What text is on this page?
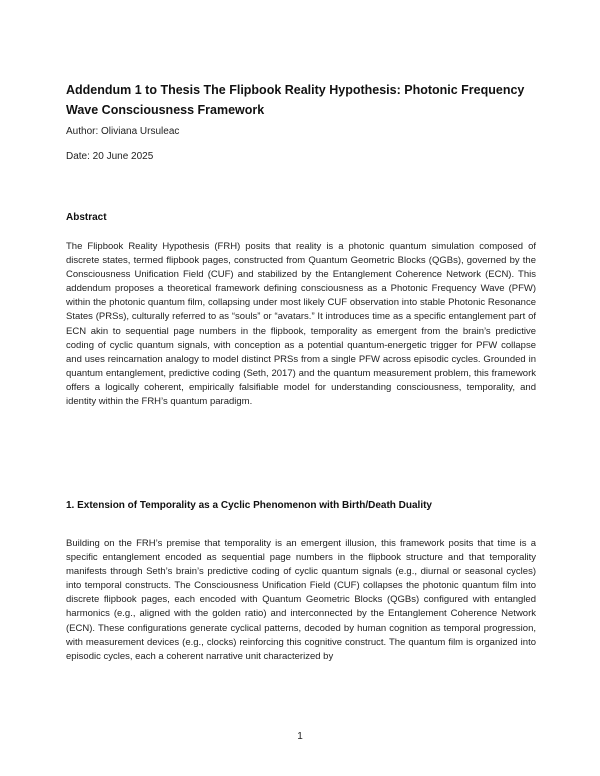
Addendum 1 to Thesis The Flipbook Reality Hypothesis: Photonic Frequency Wave Consciousness Framework
Author: Oliviana Ursuleac
Date: 20 June 2025
Abstract

The Flipbook Reality Hypothesis (FRH) posits that reality is a photonic quantum simulation composed of discrete states, termed flipbook pages, constructed from Quantum Geometric Blocks (QGBs), governed by the Consciousness Unification Field (CUF) and stabilized by the Entanglement Coherence Network (ECN). This addendum proposes a theoretical framework defining consciousness as a Photonic Frequency Wave (PFW) within the photonic quantum film, collapsing under most likely CUF observation into stable Photonic Resonance States (PRSs), culturally referred to as “souls” or “avatars.” It introduces time as a specific entanglement part of ECN akin to sequential page numbers in the flipbook, temporality as emergent from the brain’s predictive coding of cyclic quantum signals, with conception as a potential quantum-energetic trigger for PFW collapse and uses reincarnation analogy to model distinct PRSs from a single PFW across episodic cycles. Grounded in quantum entanglement, predictive coding (Seth, 2017) and the quantum measurement problem, this framework offers a logically coherent, empirically falsifiable model for understanding consciousness, temporality, and identity within the FRH’s quantum paradigm.

1. Extension of Temporality as a Cyclic Phenomenon with Birth/Death Duality

Building on the FRH’s premise that temporality is an emergent illusion, this framework posits that time is a specific entanglement encoded as sequential page numbers in the flipbook structure and that temporality manifests through Seth’s brain’s predictive coding of cyclic quantum signals (e.g., diurnal or seasonal cycles) into temporal constructs. The Consciousness Unification Field (CUF) collapses the photonic quantum film into discrete flipbook pages, each encoded with Quantum Geometric Blocks (QGBs) configured with entangled harmonics (e.g., aligned with the golden ratio) and interconnected by the Entanglement Coherence Network (ECN). These configurations generate cyclical patterns, decoded by human cognition as temporal progression, with measurement devices (e.g., clocks) reinforcing this cognitive construct. The quantum film is organized into episodic cycles, each a coherent narrative unit characterized by

1
